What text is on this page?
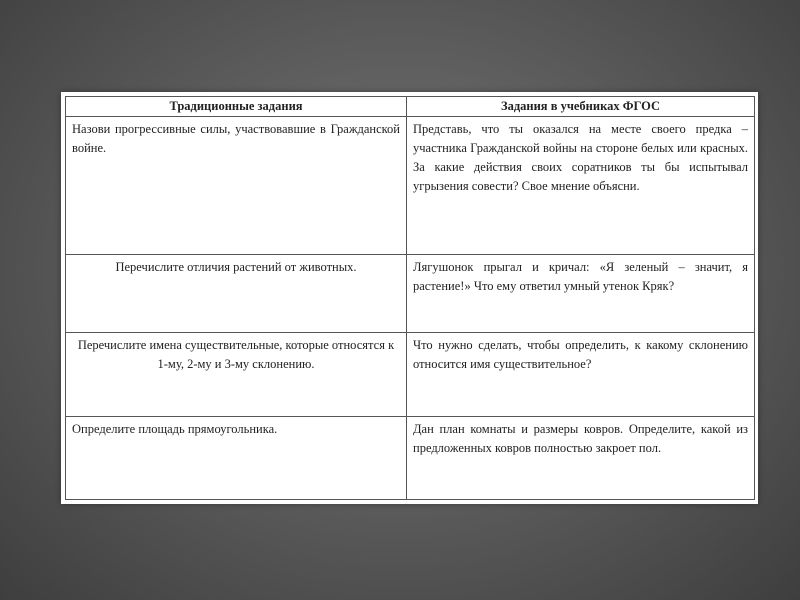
Традиционные задания	Задания в учебниках ФГОС
Назови прогрессивные силы, участвовавшие в Гражданской войне.	Представь, что ты оказался на месте своего предка – участника Гражданской войны на стороне белых или красных. За какие действия своих соратников ты бы испытывал угрызения совести? Свое мнение объясни.
Перечислите отличия растений от животных.	Лягушонок прыгал и кричал: «Я зеленый – значит, я растение!» Что ему ответил умный утенок Кряк?
Перечислите имена существительные, которые относятся к 1-му, 2-му и 3-му склонению.	Что нужно сделать, чтобы определить, к какому склонению относится имя существительное?
Определите площадь прямоугольника.	Дан план комнаты и размеры ковров. Определите, какой из предложенных ковров полностью закроет пол.
